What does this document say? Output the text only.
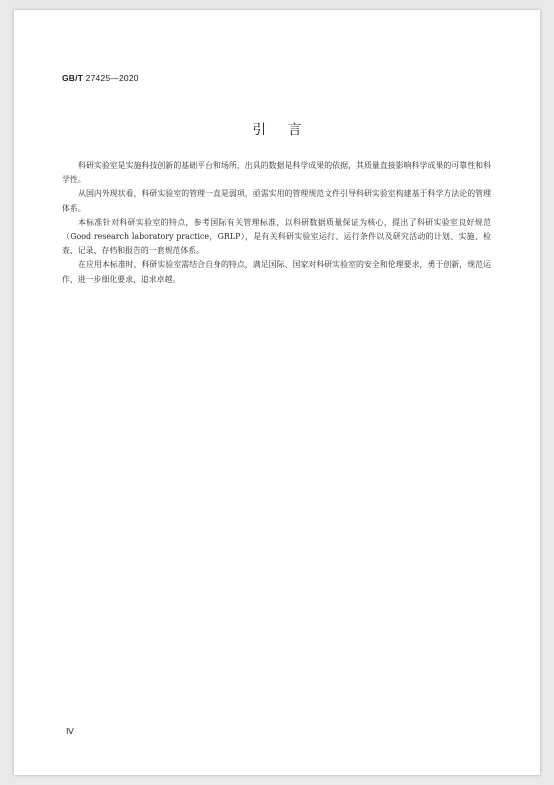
GB/T 27425—2020
引言

科研实验室是实施科技创新的基础平台和场所，出具的数据是科学成果的依据，其质量直接影响科学成果的可靠性和科学性。

从国内外现状看，科研实验室的管理一直是弱项，亟需实用的管理规范文件引导科研实验室构建基于科学方法论的管理体系。

本标准针对科研实验室的特点，参考国际有关管理标准，以科研数据质量保证为核心，提出了科研实验室良好规范（Good research laboratory practice，GRLP），是有关科研实验室运行、运行条件以及研究活动的计划、实施、检查、记录、存档和报告的一套规范体系。

在应用本标准时，科研实验室需结合自身的特点，满足国际、国家对科研实验室的安全和伦理要求，勇于创新，规范运作，进一步细化要求，追求卓越。

Ⅳ
